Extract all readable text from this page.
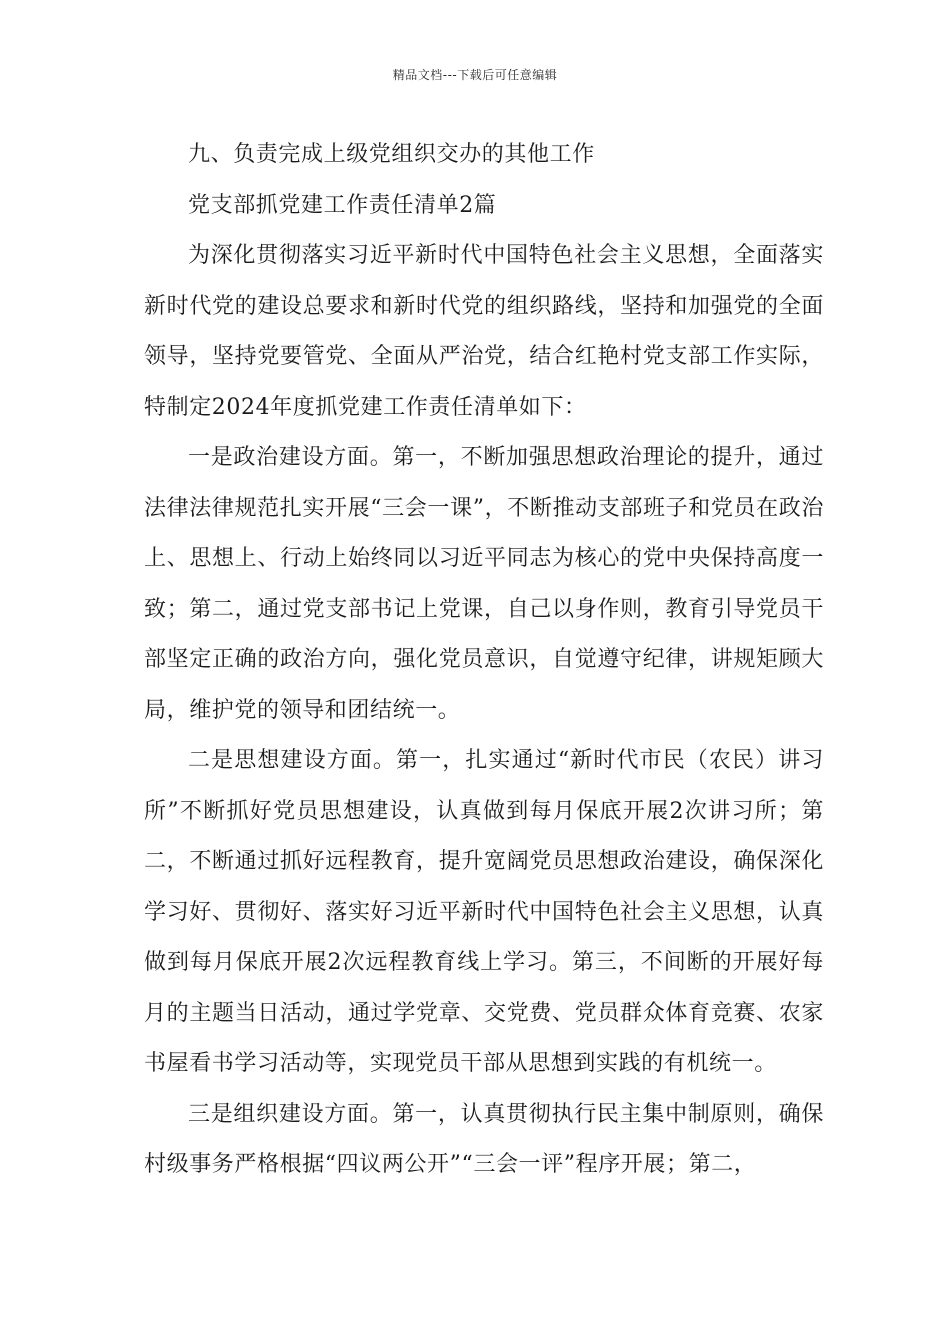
精品文档---下载后可任意编辑

九、负责完成上级党组织交办的其他工作

党支部抓党建工作责任清单2篇

为深化贯彻落实习近平新时代中国特色社会主义思想，全面落实新时代党的建设总要求和新时代党的组织路线，坚持和加强党的全面领导，坚持党要管党、全面从严治党，结合红艳村党支部工作实际，特制定2024年度抓党建工作责任清单如下：

一是政治建设方面。第一，不断加强思想政治理论的提升，通过法律法律规范扎实开展“三会一课”，不断推动支部班子和党员在政治上、思想上、行动上始终同以习近平同志为核心的党中央保持高度一致；第二，通过党支部书记上党课，自己以身作则，教育引导党员干部坚定正确的政治方向，强化党员意识，自觉遵守纪律，讲规矩顾大局，维护党的领导和团结统一。

二是思想建设方面。第一，扎实通过“新时代市民（农民）讲习所”不断抓好党员思想建设，认真做到每月保底开展2次讲习所；第二，不断通过抓好远程教育，提升宽阔党员思想政治建设，确保深化学习好、贯彻好、落实好习近平新时代中国特色社会主义思想，认真做到每月保底开展2次远程教育线上学习。第三，不间断的开展好每月的主题当日活动，通过学党章、交党费、党员群众体育竞赛、农家书屋看书学习活动等，实现党员干部从思想到实践的有机统一。

三是组织建设方面。第一，认真贯彻执行民主集中制原则，确保村级事务严格根据“四议两公开”“三会一评”程序开展；第二，
